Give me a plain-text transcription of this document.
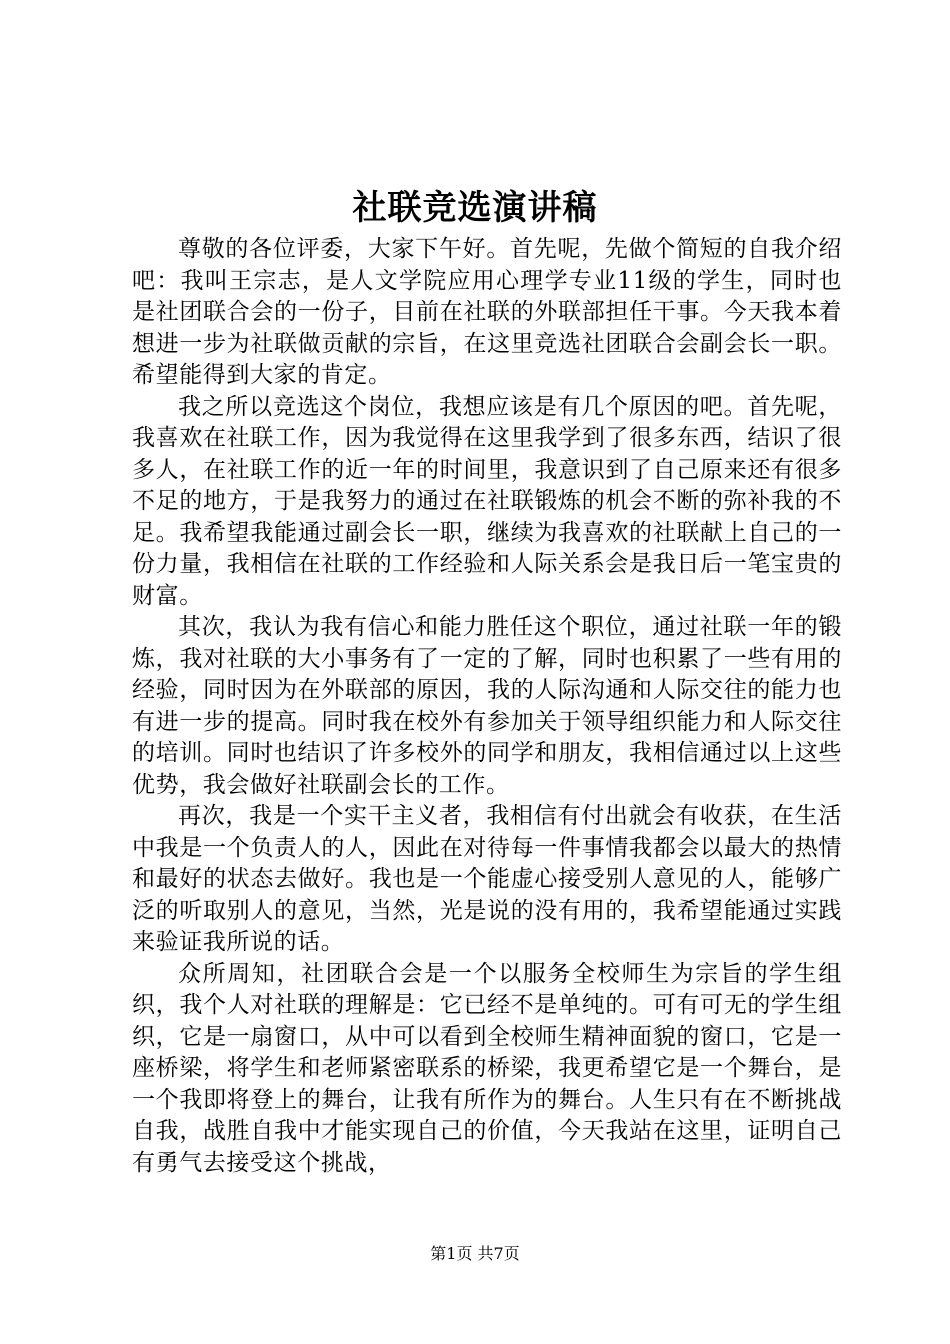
社联竞选演讲稿

尊敬的各位评委，大家下午好。首先呢，先做个简短的自我介绍吧：我叫王宗志，是人文学院应用心理学专业11级的学生，同时也是社团联合会的一份子，目前在社联的外联部担任干事。今天我本着想进一步为社联做贡献的宗旨，在这里竞选社团联合会副会长一职。希望能得到大家的肯定。

我之所以竞选这个岗位，我想应该是有几个原因的吧。首先呢，我喜欢在社联工作，因为我觉得在这里我学到了很多东西，结识了很多人，在社联工作的近一年的时间里，我意识到了自己原来还有很多不足的地方，于是我努力的通过在社联锻炼的机会不断的弥补我的不足。我希望我能通过副会长一职，继续为我喜欢的社联献上自己的一份力量，我相信在社联的工作经验和人际关系会是我日后一笔宝贵的财富。

其次，我认为我有信心和能力胜任这个职位，通过社联一年的锻炼，我对社联的大小事务有了一定的了解，同时也积累了一些有用的经验，同时因为在外联部的原因，我的人际沟通和人际交往的能力也有进一步的提高。同时我在校外有参加关于领导组织能力和人际交往的培训。同时也结识了许多校外的同学和朋友，我相信通过以上这些优势，我会做好社联副会长的工作。

再次，我是一个实干主义者，我相信有付出就会有收获，在生活中我是一个负责人的人，因此在对待每一件事情我都会以最大的热情和最好的状态去做好。我也是一个能虚心接受别人意见的人，能够广泛的听取别人的意见，当然，光是说的没有用的，我希望能通过实践来验证我所说的话。

众所周知，社团联合会是一个以服务全校师生为宗旨的学生组织，我个人对社联的理解是：它已经不是单纯的。可有可无的学生组织，它是一扇窗口，从中可以看到全校师生精神面貌的窗口，它是一座桥梁，将学生和老师紧密联系的桥梁，我更希望它是一个舞台，是一个我即将登上的舞台，让我有所作为的舞台。人生只有在不断挑战自我，战胜自我中才能实现自己的价值，今天我站在这里，证明自己有勇气去接受这个挑战，

第1页 共7页
